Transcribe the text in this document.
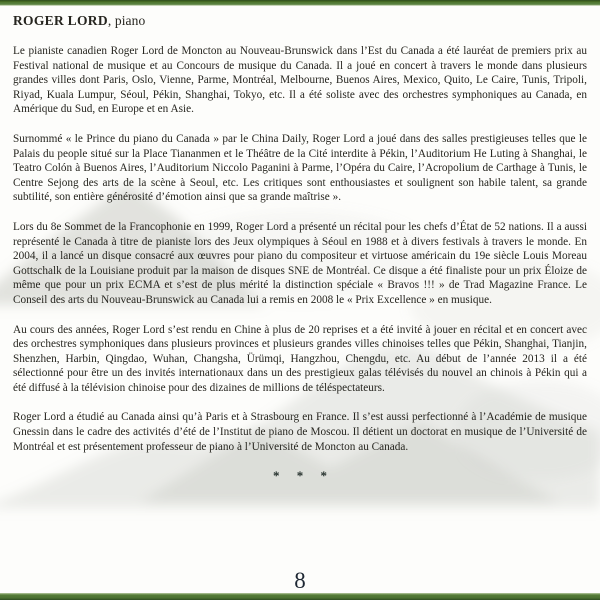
ROGER LORD, piano

Le pianiste canadien Roger Lord de Moncton au Nouveau-Brunswick dans l’Est du Canada a été lauréat de premiers prix au Festival national de musique et au Concours de musique du Canada. Il a joué en concert à travers le monde dans plusieurs grandes villes dont Paris, Oslo, Vienne, Parme, Montréal, Melbourne, Buenos Aires, Mexico, Quito, Le Caire, Tunis, Tripoli, Riyad, Kuala Lumpur, Séoul, Pékin, Shanghai, Tokyo, etc. Il a été soliste avec des orchestres symphoniques au Canada, en Amérique du Sud, en Europe et en Asie.

Surnommé « le Prince du piano du Canada » par le China Daily, Roger Lord a joué dans des salles prestigieuses telles que le Palais du people situé sur la Place Tiananmen et le Théâtre de la Cité interdite à Pékin, l’Auditorium He Luting à Shanghai, le Teatro Colón à Buenos Aires, l’Auditorium Niccolo Paganini à Parme, l’Opéra du Caire, l’Acropolium de Carthage à Tunis, le Centre Sejong des arts de la scène à Seoul, etc. Les critiques sont enthousiastes et soulignent son habile talent, sa grande subtilité, son entière générosité d’émotion ainsi que sa grande maîtrise ».

Lors du 8e Sommet de la Francophonie en 1999, Roger Lord a présenté un récital pour les chefs d’État de 52 nations. Il a aussi représenté le Canada à titre de pianiste lors des Jeux olympiques à Séoul en 1988 et à divers festivals à travers le monde. En 2004, il a lancé un disque consacré aux œuvres pour piano du compositeur et virtuose américain du 19e siècle Louis Moreau Gottschalk de la Louisiane produit par la maison de disques SNE de Montréal. Ce disque a été finaliste pour un prix Éloize de même que pour un prix ECMA et s’est de plus mérité la distinction spéciale « Bravos !!! » de Trad Magazine France. Le Conseil des arts du Nouveau-Brunswick au Canada lui a remis en 2008 le « Prix Excellence » en musique.

Au cours des années, Roger Lord s’est rendu en Chine à plus de 20 reprises et a été invité à jouer en récital et en concert avec des orchestres symphoniques dans plusieurs provinces et plusieurs grandes villes chinoises telles que Pékin, Shanghai, Tianjin, Shenzhen, Harbin, Qingdao, Wuhan, Changsha, Ürümqi, Hangzhou, Chengdu, etc. Au début de l’année 2013 il a été sélectionné pour être un des invités internationaux dans un des prestigieux galas télévisés du nouvel an chinois à Pékin qui a été diffusé à la télévision chinoise pour des dizaines de millions de téléspectateurs.

Roger Lord a étudié au Canada ainsi qu’à Paris et à Strasbourg en France. Il s’est aussi perfectionné à l’Académie de musique Gnessin dans le cadre des activités d’été de l’Institut de piano de Moscou. Il détient un doctorat en musique de l’Université de Montréal et est présentement professeur de piano à l’Université de Moncton au Canada.

* * *
8
